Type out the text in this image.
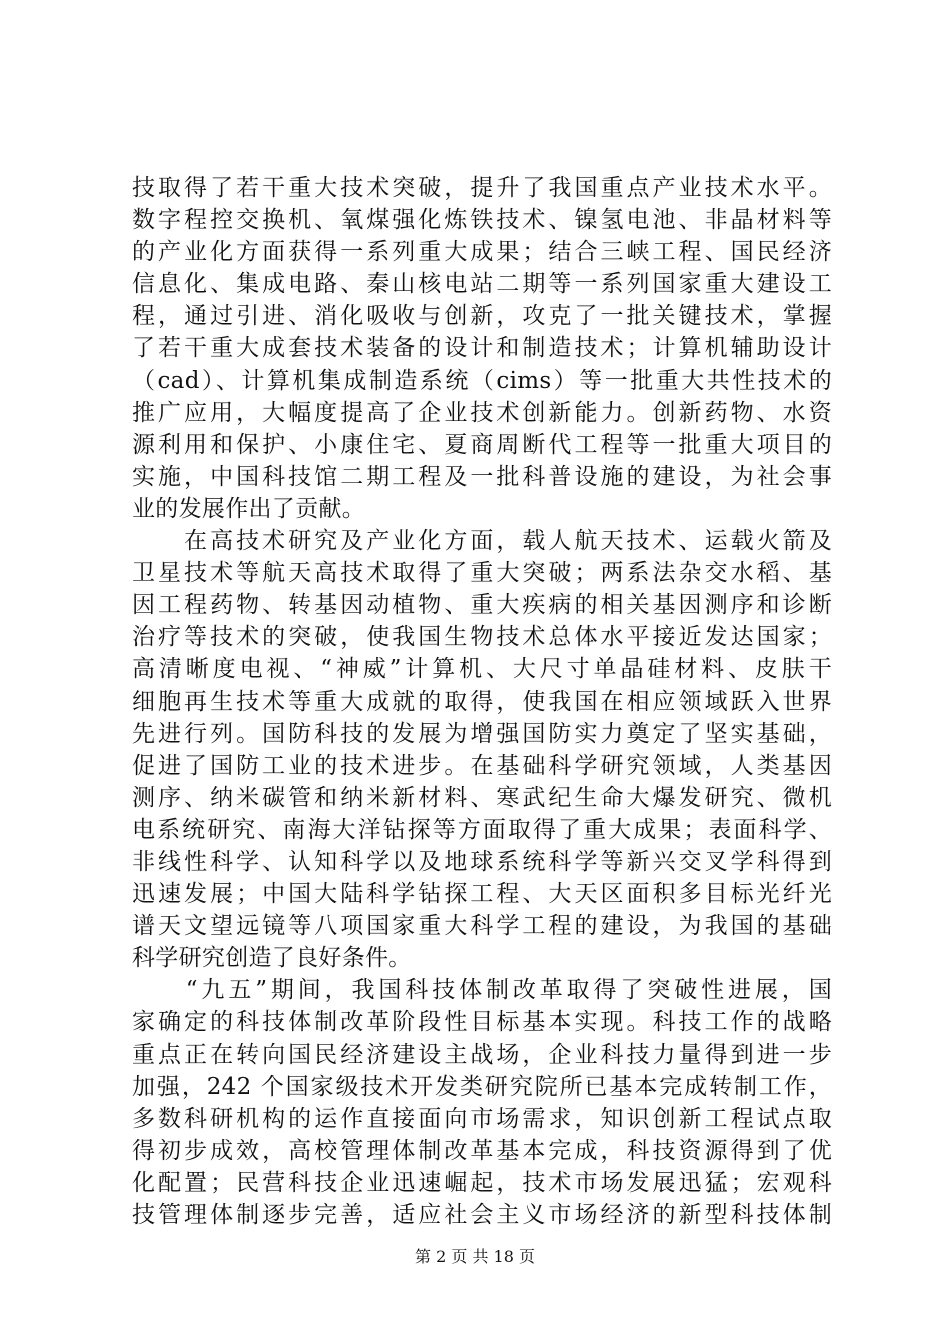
技取得了若干重大技术突破，提升了我国重点产业技术水平。
数字程控交换机、氧煤强化炼铁技术、镍氢电池、非晶材料等
的产业化方面获得一系列重大成果；结合三峡工程、国民经济
信息化、集成电路、秦山核电站二期等一系列国家重大建设工
程，通过引进、消化吸收与创新，攻克了一批关键技术，掌握
了若干重大成套技术装备的设计和制造技术；计算机辅助设计
（cad）、计算机集成制造系统（cims）等一批重大共性技术的
推广应用，大幅度提高了企业技术创新能力。创新药物、水资
源利用和保护、小康住宅、夏商周断代工程等一批重大项目的
实施，中国科技馆二期工程及一批科普设施的建设，为社会事
业的发展作出了贡献。
　　在高技术研究及产业化方面，载人航天技术、运载火箭及
卫星技术等航天高技术取得了重大突破；两系法杂交水稻、基
因工程药物、转基因动植物、重大疾病的相关基因测序和诊断
治疗等技术的突破，使我国生物技术总体水平接近发达国家；
高清晰度电视、“神威”计算机、大尺寸单晶硅材料、皮肤干
细胞再生技术等重大成就的取得，使我国在相应领域跃入世界
先进行列。国防科技的发展为增强国防实力奠定了坚实基础，
促进了国防工业的技术进步。在基础科学研究领域，人类基因
测序、纳米碳管和纳米新材料、寒武纪生命大爆发研究、微机
电系统研究、南海大洋钻探等方面取得了重大成果；表面科学、
非线性科学、认知科学以及地球系统科学等新兴交叉学科得到
迅速发展；中国大陆科学钻探工程、大天区面积多目标光纤光
谱天文望远镜等八项国家重大科学工程的建设，为我国的基础
科学研究创造了良好条件。
　　“九五”期间，我国科技体制改革取得了突破性进展，国
家确定的科技体制改革阶段性目标基本实现。科技工作的战略
重点正在转向国民经济建设主战场，企业科技力量得到进一步
加强，242 个国家级技术开发类研究院所已基本完成转制工作，
多数科研机构的运作直接面向市场需求，知识创新工程试点取
得初步成效，高校管理体制改革基本完成，科技资源得到了优
化配置；民营科技企业迅速崛起，技术市场发展迅猛；宏观科
技管理体制逐步完善，适应社会主义市场经济的新型科技体制
第 2 页 共 18 页
